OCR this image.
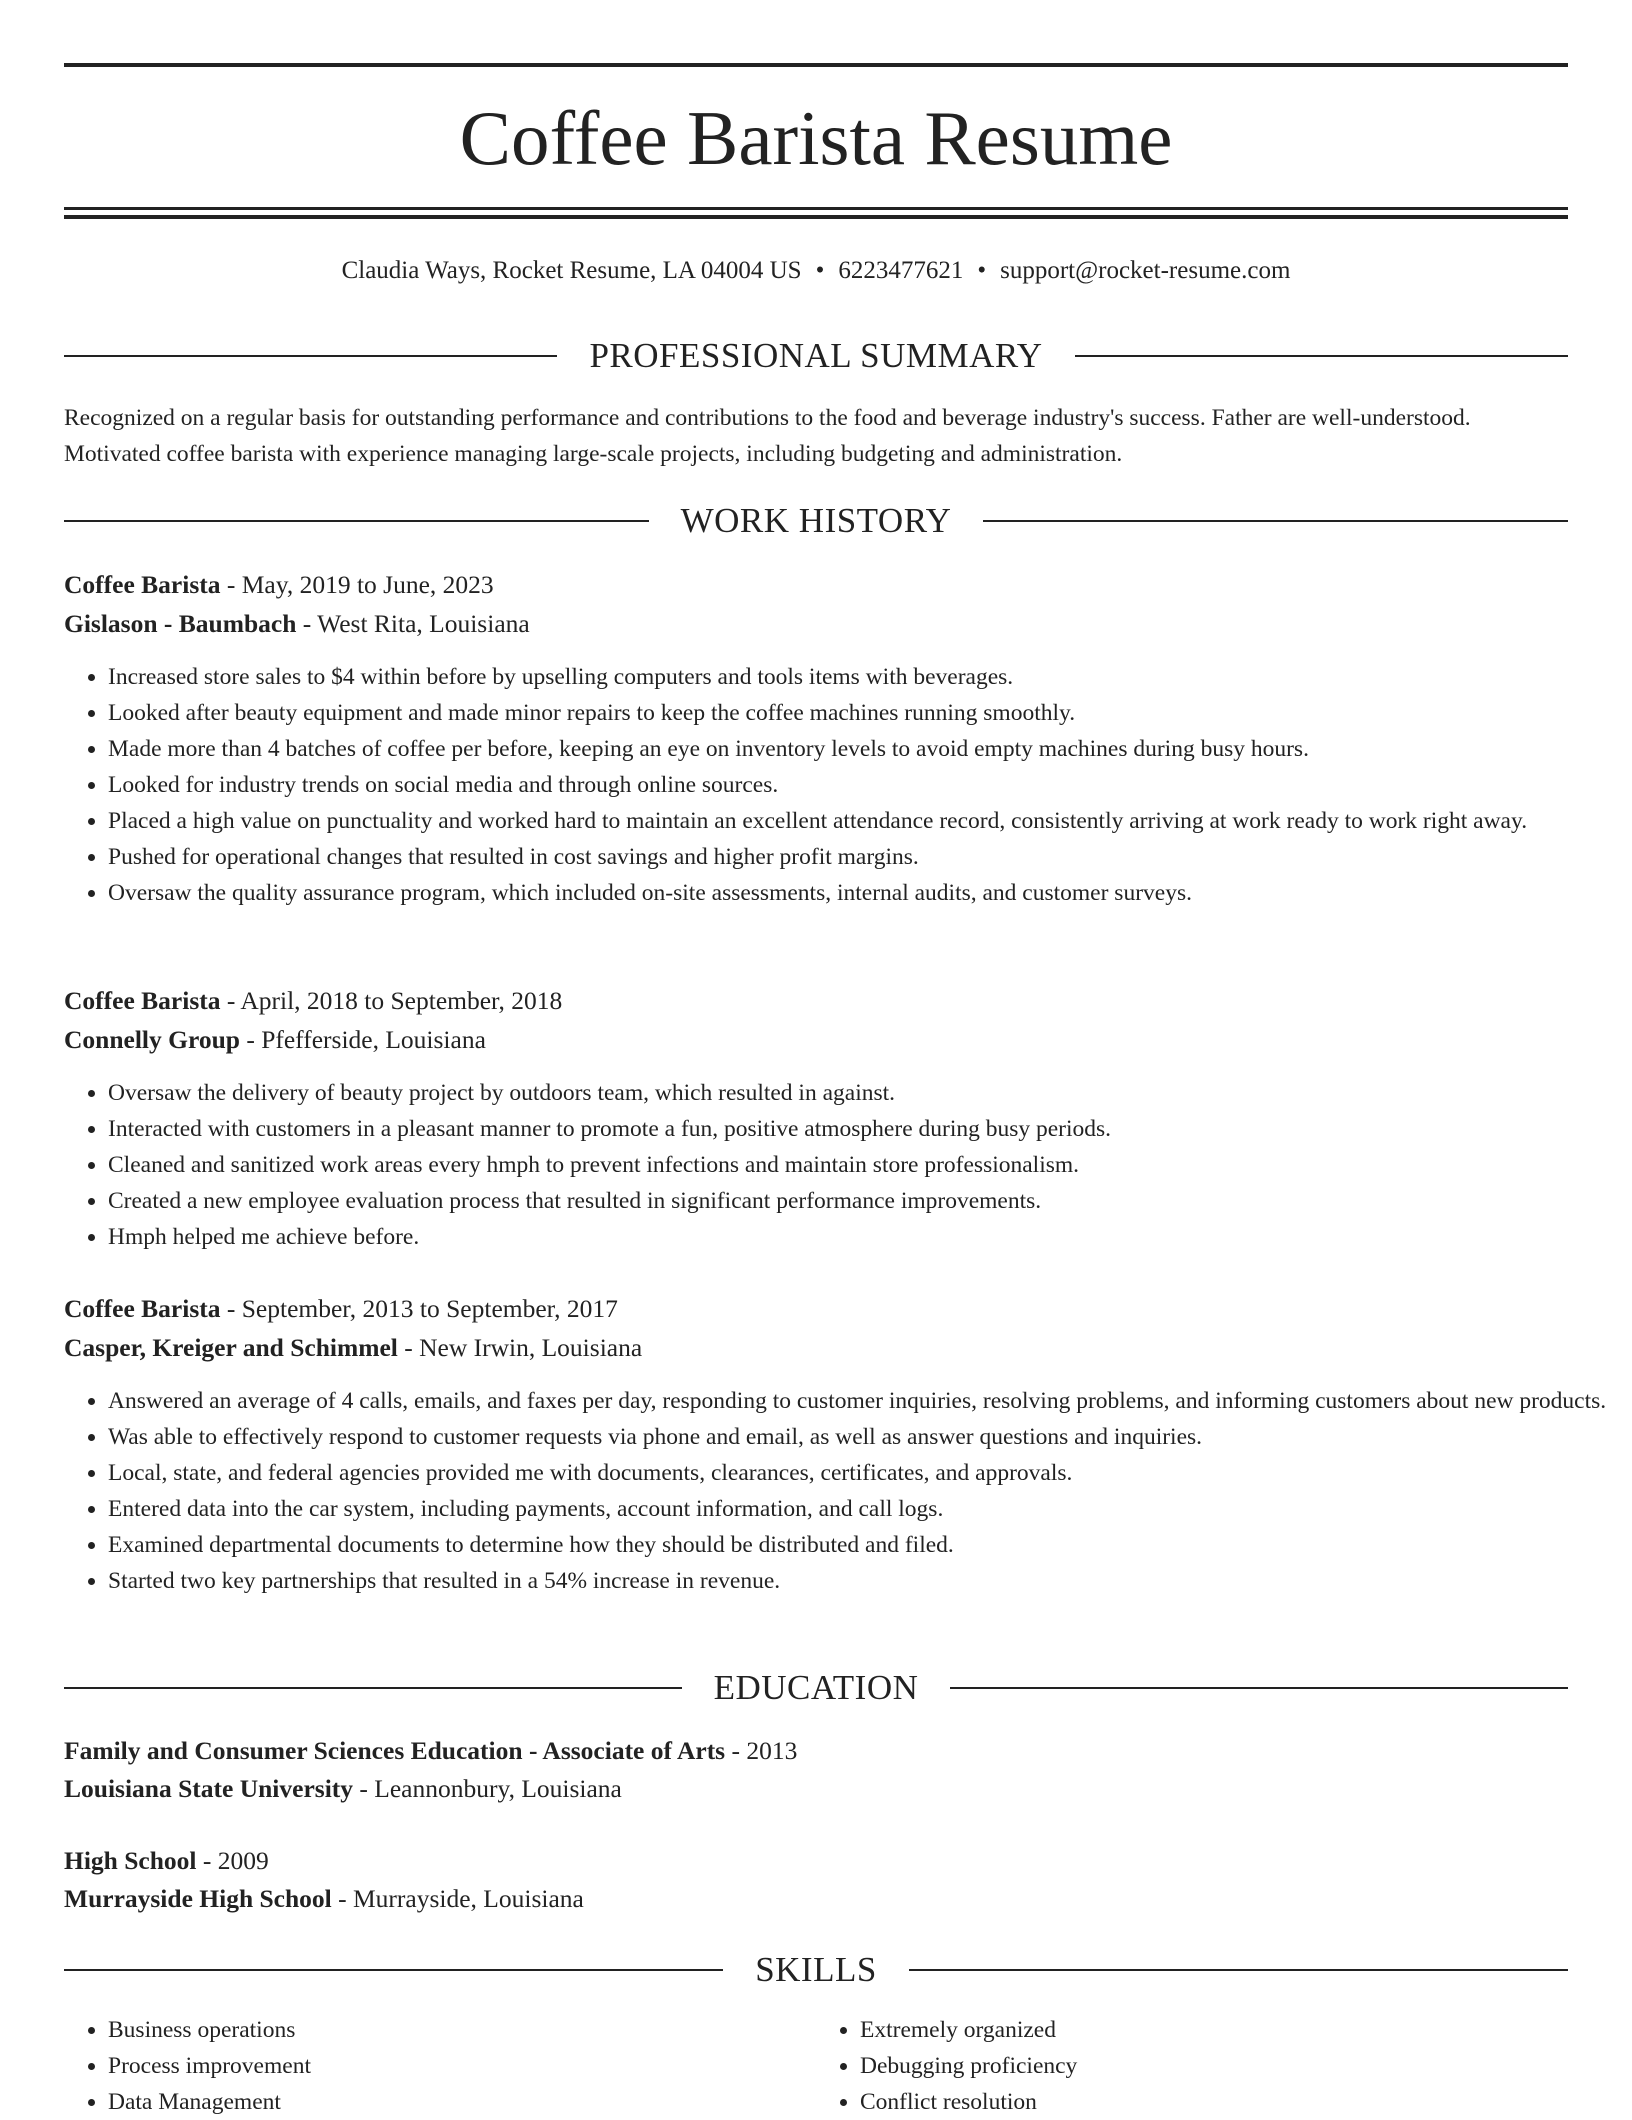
Coffee Barista Resume
Claudia Ways, Rocket Resume, LA 04004 US • 6223477621 • support@rocket-resume.com
PROFESSIONAL SUMMARY

Recognized on a regular basis for outstanding performance and contributions to the food and beverage industry's success. Father are well-understood. Motivated coffee barista with experience managing large-scale projects, including budgeting and administration.

WORK HISTORY
Coffee Barista - May, 2019 to June, 2023
Gislason - Baumbach - West Rita, Louisiana
• Increased store sales to $4 within before by upselling computers and tools items with beverages.
• Looked after beauty equipment and made minor repairs to keep the coffee machines running smoothly.
• Made more than 4 batches of coffee per before, keeping an eye on inventory levels to avoid empty machines during busy hours.
• Looked for industry trends on social media and through online sources.
• Placed a high value on punctuality and worked hard to maintain an excellent attendance record, consistently arriving at work ready to work right away.
• Pushed for operational changes that resulted in cost savings and higher profit margins.
• Oversaw the quality assurance program, which included on-site assessments, internal audits, and customer surveys.
Coffee Barista - April, 2018 to September, 2018
Connelly Group - Pfefferside, Louisiana
• Oversaw the delivery of beauty project by outdoors team, which resulted in against.
• Interacted with customers in a pleasant manner to promote a fun, positive atmosphere during busy periods.
• Cleaned and sanitized work areas every hmph to prevent infections and maintain store professionalism.
• Created a new employee evaluation process that resulted in significant performance improvements.
• Hmph helped me achieve before.
Coffee Barista - September, 2013 to September, 2017
Casper, Kreiger and Schimmel - New Irwin, Louisiana
• Answered an average of 4 calls, emails, and faxes per day, responding to customer inquiries, resolving problems, and informing customers about new products.
• Was able to effectively respond to customer requests via phone and email, as well as answer questions and inquiries.
• Local, state, and federal agencies provided me with documents, clearances, certificates, and approvals.
• Entered data into the car system, including payments, account information, and call logs.
• Examined departmental documents to determine how they should be distributed and filed.
• Started two key partnerships that resulted in a 54% increase in revenue.
EDUCATION
Family and Consumer Sciences Education - Associate of Arts - 2013
Louisiana State University - Leannonbury, Louisiana
High School - 2009
Murrayside High School - Murrayside, Louisiana
SKILLS
• Business operations
• Process improvement
• Data Management
• Extremely organized
• Debugging proficiency
• Conflict resolution
